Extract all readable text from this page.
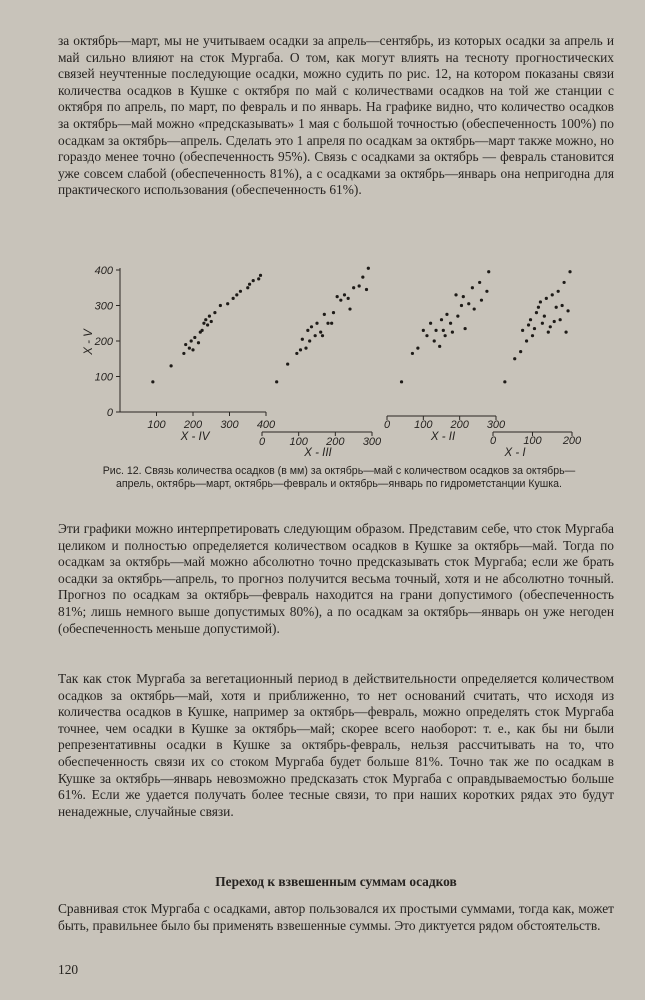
за октябрь—март, мы не учитываем осадки за апрель—сентябрь, из которых осадки за апрель и май сильно влияют на сток Мургаба. О том, как могут влиять на тесноту прогностических связей неучтенные последующие осадки, можно судить по рис. 12, на котором показаны связи количества осадков в Кушке с октября по май с количествами осадков на той же станции с октября по апрель, по март, по февраль и по январь. На графике видно, что количество осадков за октябрь—май можно «предсказывать» 1 мая с большой точностью (обеспеченность 100%) по осадкам за октябрь—апрель. Сделать это 1 апреля по осадкам за октябрь—март также можно, но гораздо менее точно (обеспеченность 95%). Связь с осадками за октябрь — февраль становится уже совсем слабой (обеспеченность 81%), а с осадками за октябрь—январь она непригодна для практического использования (обеспеченность 61%).

0
100
200
300
400
X - V
100 200 300 400
X - IV	0 100 200 300
X - III
0 100 200 300
X - II	0 100 200
X - I

Рис. 12. Связь количества осадков (в мм) за октябрь—май с количеством осадков за октябрь—апрель, октябрь—март, октябрь—февраль и октябрь—январь по гидрометстанции Кушка.

Эти графики можно интерпретировать следующим образом. Представим себе, что сток Мургаба целиком и полностью определяется количеством осадков в Кушке за октябрь—май. Тогда по осадкам за октябрь—май можно абсолютно точно предсказывать сток Мургаба; если же брать осадки за октябрь—апрель, то прогноз получится весьма точный, хотя и не абсолютно точный. Прогноз по осадкам за октябрь—февраль находится на грани допустимого (обеспеченность 81%; лишь немного выше допустимых 80%), а по осадкам за октябрь—январь он уже негоден (обеспеченность меньше допустимой).

Так как сток Мургаба за вегетационный период в действительности определяется количеством осадков за октябрь—май, хотя и приближенно, то нет оснований считать, что исходя из количества осадков в Кушке, например за октябрь—февраль, можно определять сток Мургаба точнее, чем осадки в Кушке за октябрь—май; скорее всего наоборот: т. е., как бы ни были репрезентативны осадки в Кушке за октябрь-февраль, нельзя рассчитывать на то, что обеспеченность связи их со стоком Мургаба будет больше 81%. Точно так же по осадкам в Кушке за октябрь—январь невозможно предсказать сток Мургаба с оправдываемостью больше 61%. Если же удается получать более тесные связи, то при наших коротких рядах это будут ненадежные, случайные связи.

Переход к взвешенным суммам осадков

Сравнивая сток Мургаба с осадками, автор пользовался их простыми суммами, тогда как, может быть, правильнее было бы применять взвешенные суммы. Это диктуется рядом обстоятельств.

120
